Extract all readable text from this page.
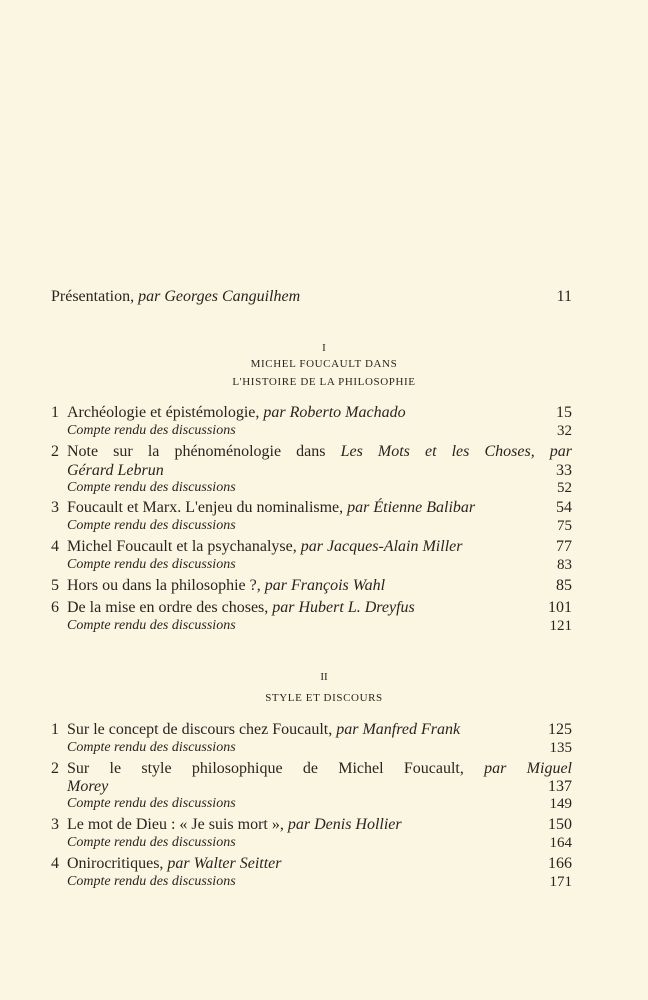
Présentation, par Georges Canguilhem	11
I
MICHEL FOUCAULT DANS
L'HISTOIRE DE LA PHILOSOPHIE
1 Archéologie et épistémologie, par Roberto Machado	15
Compte rendu des discussions	32
2 Note sur la phénoménologie dans Les Mots et les Choses, par
Gérard Lebrun	33
Compte rendu des discussions	52
3 Foucault et Marx. L'enjeu du nominalisme, par Étienne Balibar	54
Compte rendu des discussions	75
4 Michel Foucault et la psychanalyse, par Jacques-Alain Miller	77
Compte rendu des discussions	83
5 Hors ou dans la philosophie ?, par François Wahl	85
6 De la mise en ordre des choses, par Hubert L. Dreyfus	101
Compte rendu des discussions	121
II
STYLE ET DISCOURS
1 Sur le concept de discours chez Foucault, par Manfred Frank	125
Compte rendu des discussions	135
2 Sur le style philosophique de Michel Foucault, par Miguel
Morey	137
Compte rendu des discussions	149
3 Le mot de Dieu : « Je suis mort », par Denis Hollier	150
Compte rendu des discussions	164
4 Onirocritiques, par Walter Seitter	166
Compte rendu des discussions	171
